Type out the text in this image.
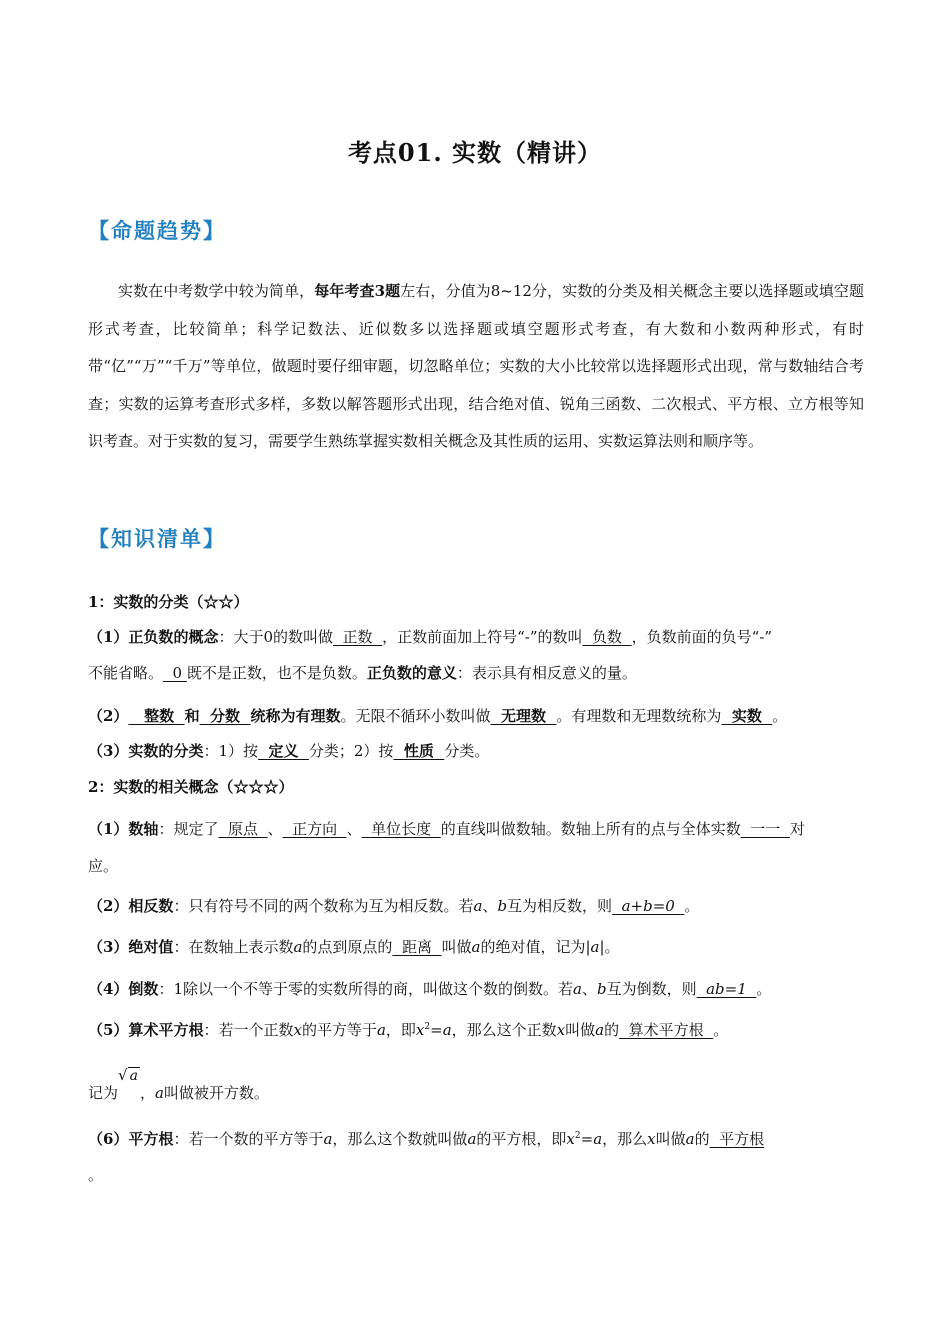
考点01. 实数（精讲）
【命题趋势】
实数在中考数学中较为简单，每年考查3题左右，分值为8~12分，实数的分类及相关概念主要以选择题或填空题形式考查，比较简单；科学记数法、近似数多以选择题或填空题形式考查，有大数和小数两种形式，有时带“亿”“万”“千万”等单位，做题时要仔细审题，切忽略单位；实数的大小比较常以选择题形式出现，常与数轴结合考查；实数的运算考查形式多样，多数以解答题形式出现，结合绝对值、锐角三函数、二次根式、平方根、立方根等知识考查。对于实数的复习，需要学生熟练掌握实数相关概念及其性质的运用、实数运算法则和顺序等。
【知识清单】
1：实数的分类（☆☆）
（1）正负数的概念：大于0的数叫做  正数  ，正数前面加上符号“-”的数叫  负数  ，负数前面的负号“-”
不能省略。  0 既不是正数，也不是负数。正负数的意义：表示具有相反意义的量。
（2）   整数  和  分数  统称为有理数。无限不循环小数叫做  无理数  。有理数和无理数统称为  实数  。
（3）实数的分类：1）按  定义  分类；2）按  性质  分类。
2：实数的相关概念（☆☆☆）
（1）数轴：规定了  原点  、  正方向  、  单位长度  的直线叫做数轴。数轴上所有的点与全体实数  一一  对
应。
（2）相反数：只有符号不同的两个数称为互为相反数。若a、b互为相反数，则  a+b=0  。
（3）绝对值：在数轴上表示数a的点到原点的  距离  叫做a的绝对值，记为|a|。
（4）倒数：1除以一个不等于零的实数所得的商，叫做这个数的倒数。若a、b互为倒数，则  ab=1  。
（5）算术平方根：若一个正数x的平方等于a，即$x^2=a$，那么这个正数x叫做a的  算术平方根  。
记为√ a，a叫做被开方数。
（6）平方根：若一个数的平方等于a，那么这个数就叫做a的平方根，即$x^2=a$，那么x叫做a的  平方根
。
